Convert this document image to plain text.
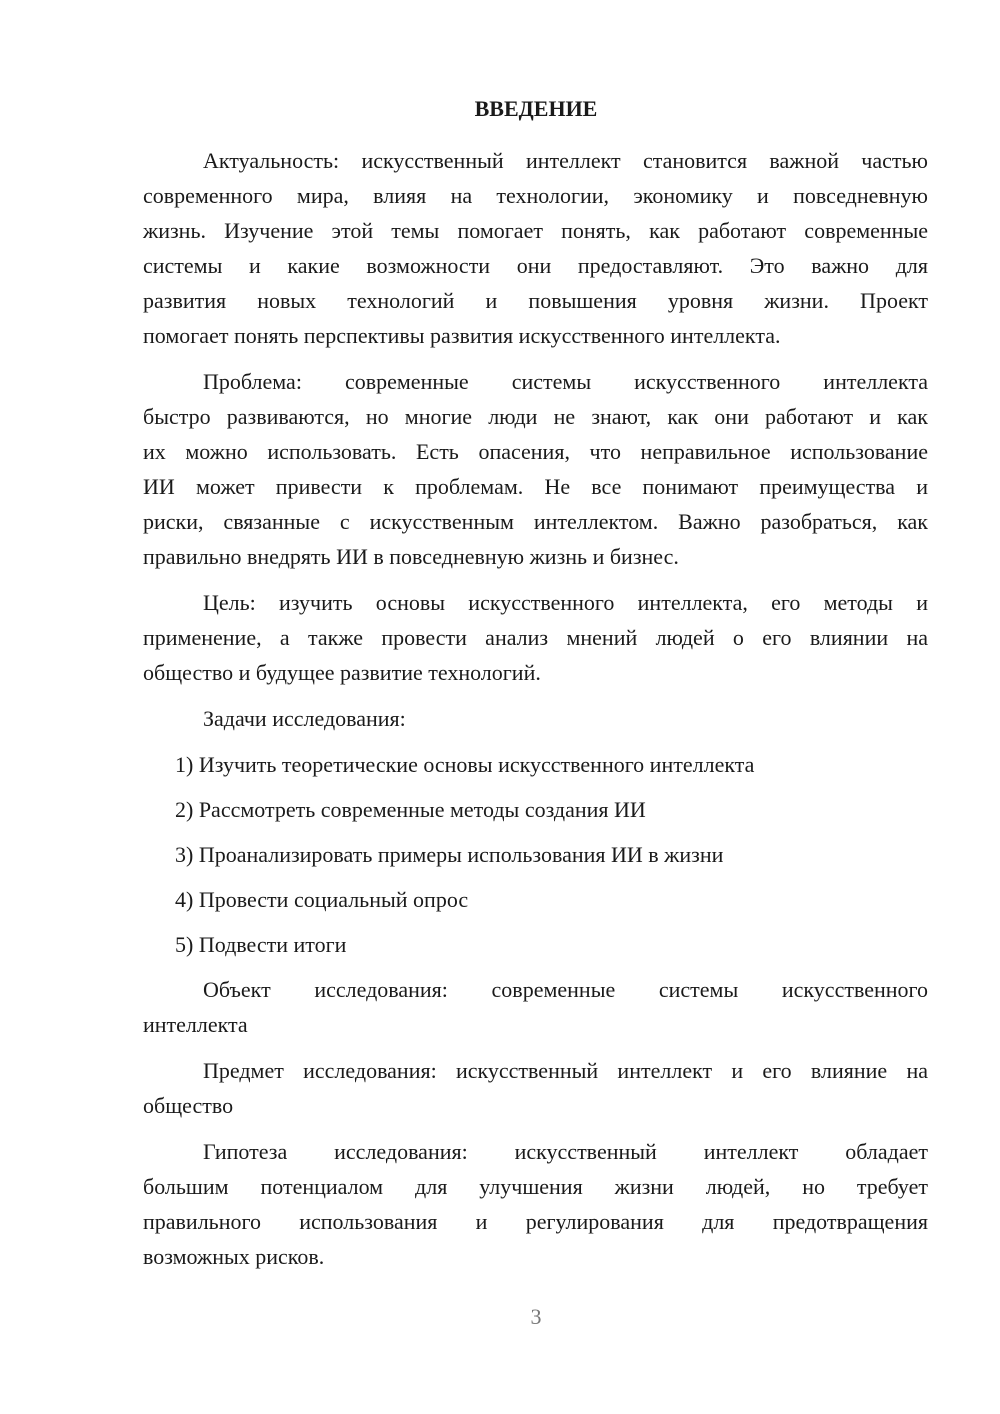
ВВЕДЕНИЕ
Актуальность: искусственный интеллект становится важной частью
современного мира, влияя на технологии, экономику и повседневную
жизнь. Изучение этой темы помогает понять, как работают современные
системы и какие возможности они предоставляют. Это важно для
развития новых технологий и повышения уровня жизни. Проект
помогает понять перспективы развития искусственного интеллекта.
Проблема: современные системы искусственного интеллекта
быстро развиваются, но многие люди не знают, как они работают и как
их можно использовать. Есть опасения, что неправильное использование
ИИ может привести к проблемам. Не все понимают преимущества и
риски, связанные с искусственным интеллектом. Важно разобраться, как
правильно внедрять ИИ в повседневную жизнь и бизнес.
Цель: изучить основы искусственного интеллекта, его методы и
применение, а также провести анализ мнений людей о его влиянии на
общество и будущее развитие технологий.
Задачи исследования:
1) Изучить теоретические основы искусственного интеллекта
2) Рассмотреть современные методы создания ИИ
3) Проанализировать примеры использования ИИ в жизни
4) Провести социальный опрос
5) Подвести итоги
Объект исследования: современные системы искусственного
интеллекта
Предмет исследования: искусственный интеллект и его влияние на
общество
Гипотеза исследования: искусственный интеллект обладает
большим потенциалом для улучшения жизни людей, но требует
правильного использования и регулирования для предотвращения
возможных рисков.
3
